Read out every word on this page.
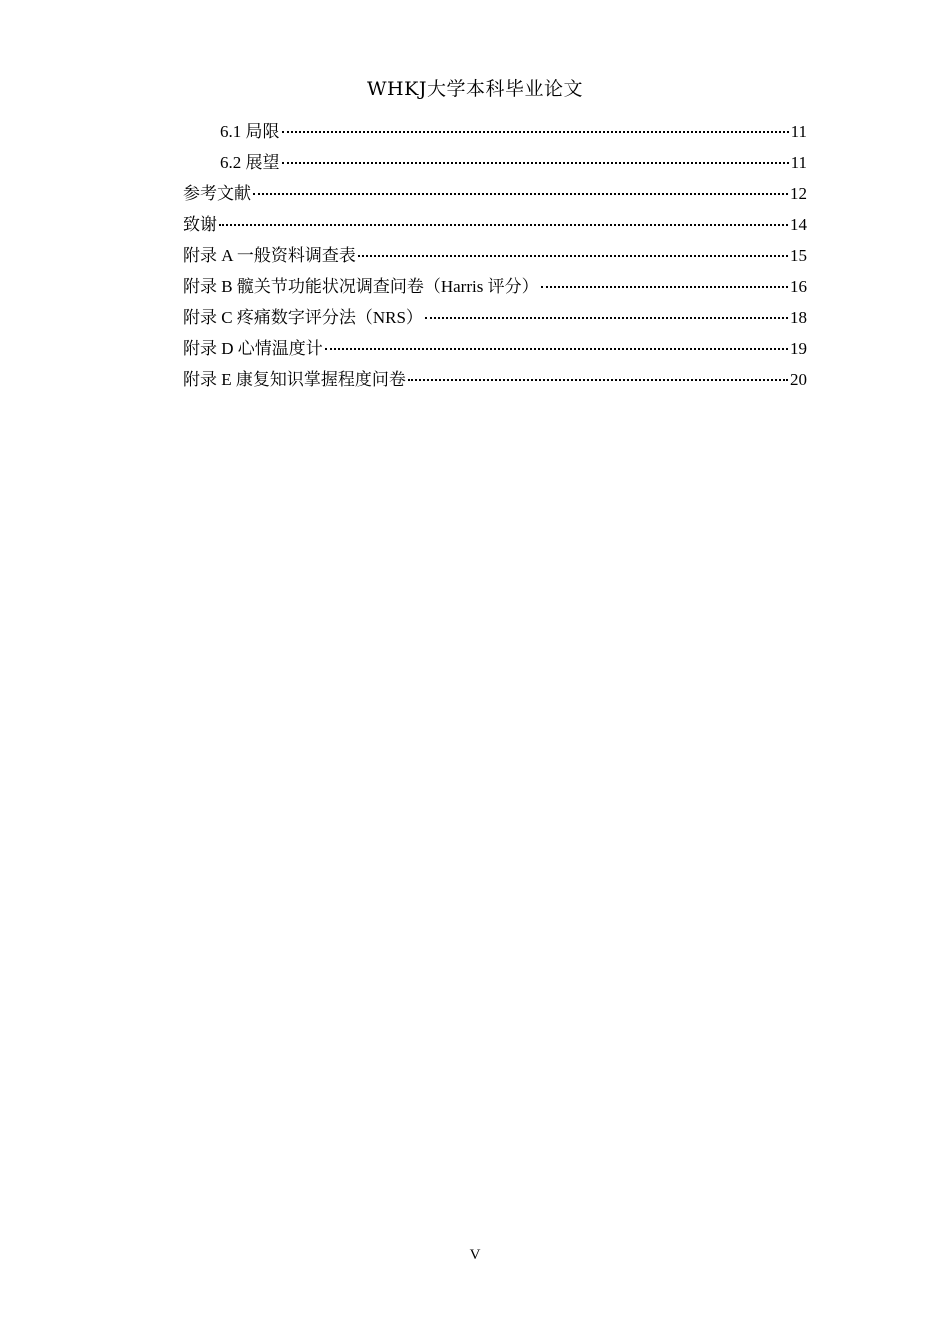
WHKJ大学本科毕业论文
6.1 局限	11
6.2 展望	11
参考文献	12
致谢	14
附录 A 一般资料调查表	15
附录 B 髋关节功能状况调查问卷（Harris 评分）	16
附录 C 疼痛数字评分法（NRS）	18
附录 D 心情温度计	19
附录 E 康复知识掌握程度问卷	20
V
